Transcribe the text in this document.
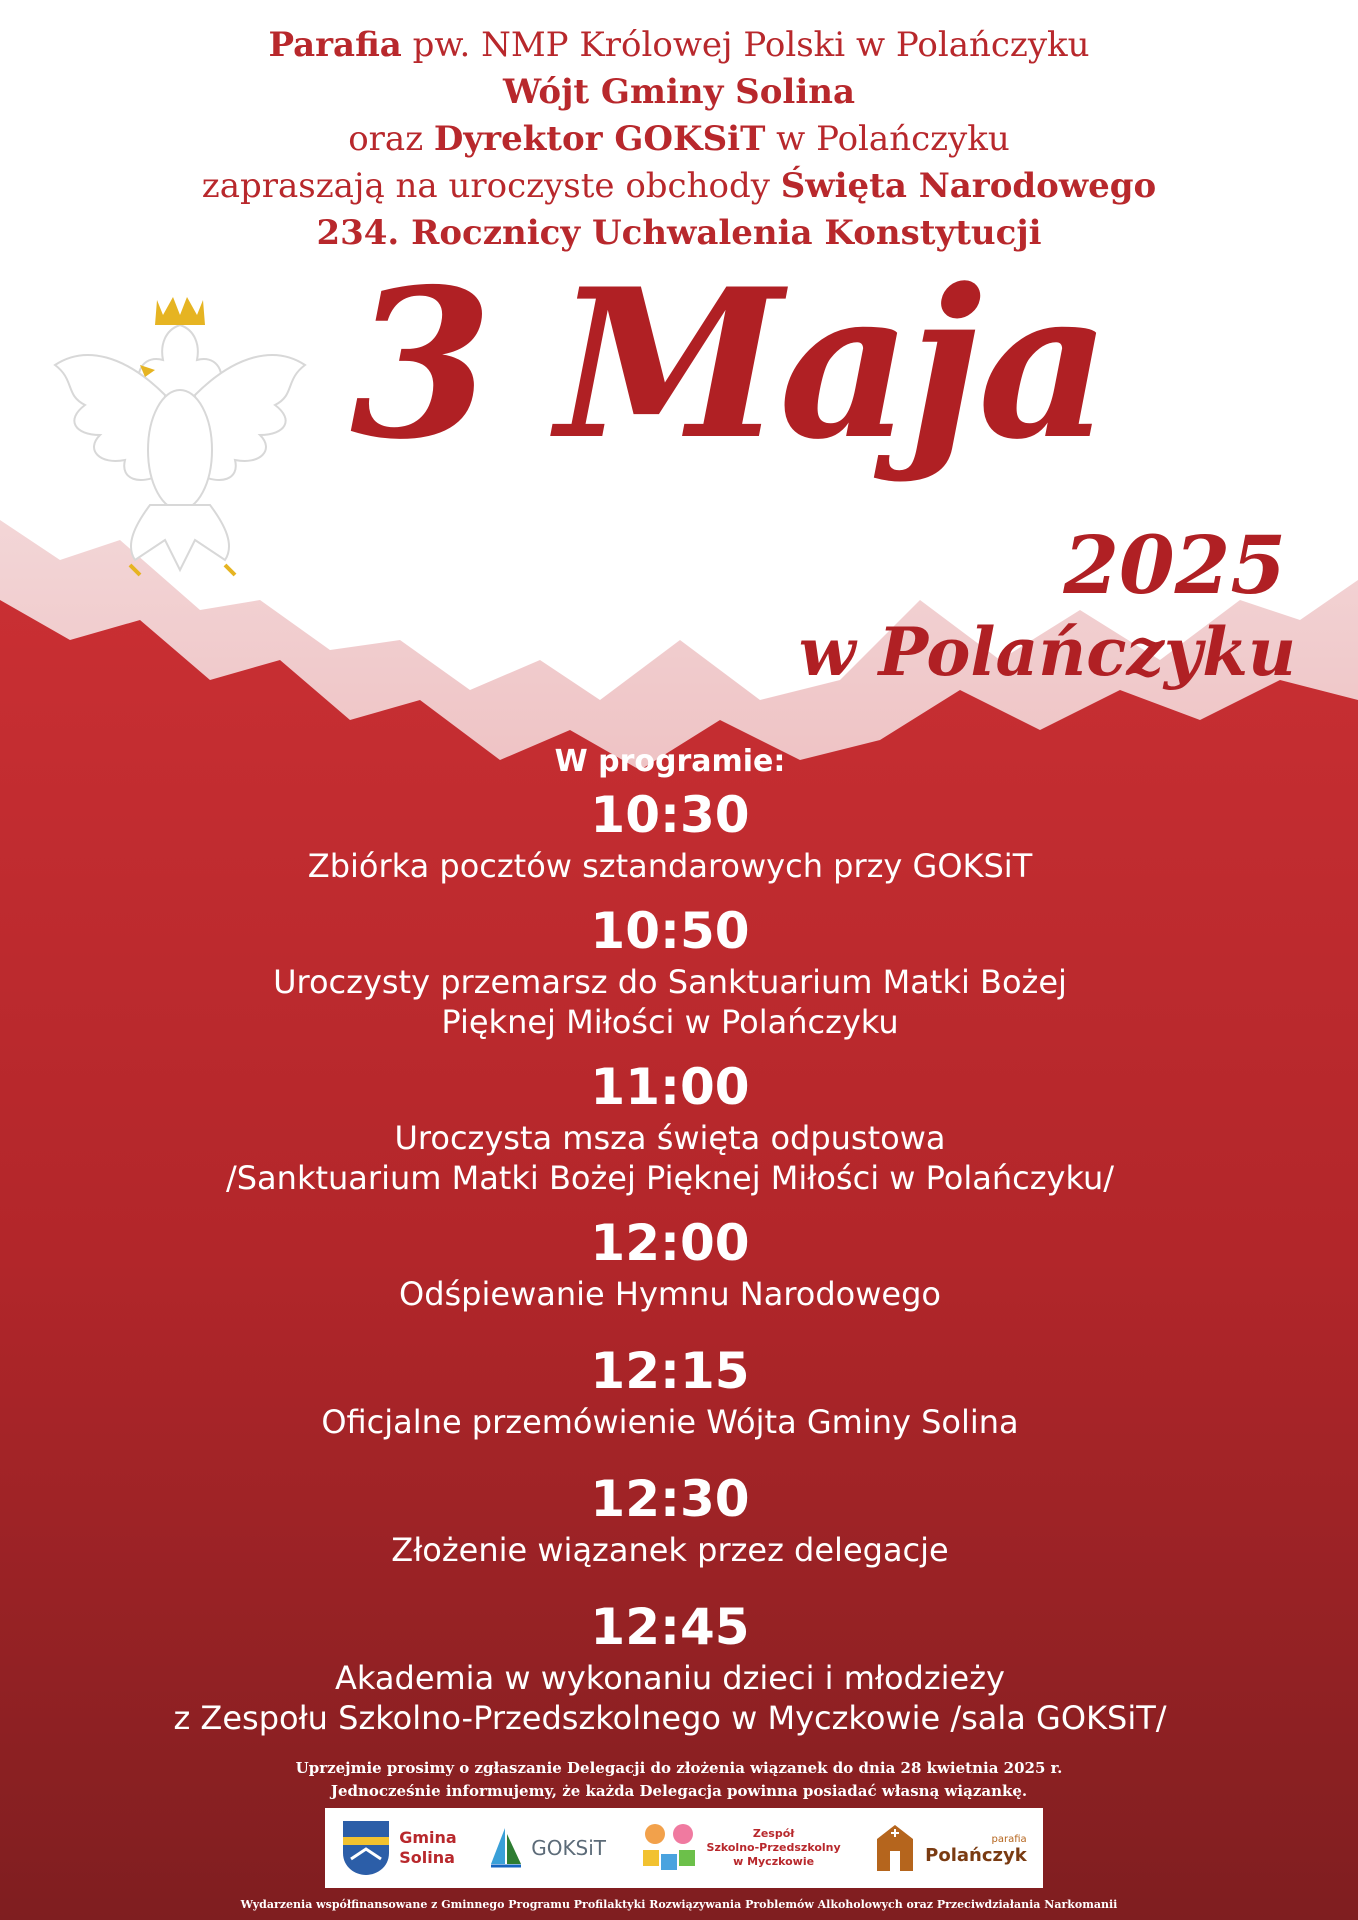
Parafia pw. NMP Królowej Polski w Polańczyku
Wójt Gminy Solina
oraz Dyrektor GOKSiT w Polańczyku
zapraszają na uroczyste obchody Święta Narodowego
234. Rocznicy Uchwalenia Konstytucji
3 Maja
2025
w Polańczyku
W programie:
10:30
Zbiórka pocztów sztandarowych przy GOKSiT
10:50
Uroczysty przemarsz do Sanktuarium Matki Bożej
Pięknej Miłości w Polańczyku
11:00
Uroczysta msza święta odpustowa
/Sanktuarium Matki Bożej Pięknej Miłości w Polańczyku/
12:00
Odśpiewanie Hymnu Narodowego
12:15
Oficjalne przemówienie Wójta Gminy Solina
12:30
Złożenie wiązanek przez delegacje
12:45
Akademia w wykonaniu dzieci i młodzieży
z Zespołu Szkolno-Przedszkolnego w Myczkowie /sala GOKSiT/
Uprzejmie prosimy o zgłaszanie Delegacji do złożenia wiązanek do dnia 28 kwietnia 2025 r.
Jednocześnie informujemy, że każda Delegacja powinna posiadać własną wiązankę.
Gmina
Solina	GOKSiT
Zespół
Szkolno-Przedszkolny
w Myczkowie
parafia
Polańczyk
Wydarzenia współfinansowane z Gminnego Programu Profilaktyki Rozwiązywania Problemów Alkoholowych oraz Przeciwdziałania Narkomanii
